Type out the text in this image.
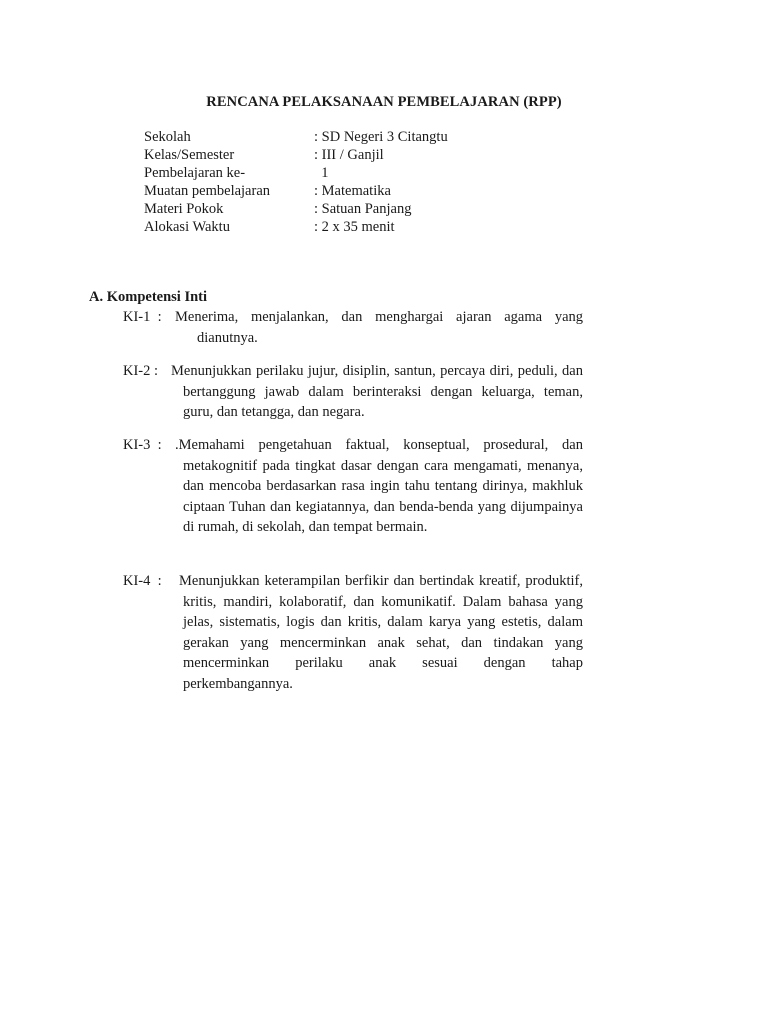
RENCANA PELAKSANAAN PEMBELAJARAN (RPP)
Sekolah	: SD Negeri 3 Citangtu
Kelas/Semester	: III / Ganjil
Pembelajaran ke-	1
Muatan pembelajaran	: Matematika
Materi Pokok	: Satuan Panjang
Alokasi Waktu	: 2 x 35 menit
A. Kompetensi Inti
KI-1  : Menerima, menjalankan, dan menghargai ajaran agama yang dianutnya.
KI-2 : Menunjukkan perilaku jujur, disiplin, santun, percaya diri, peduli, dan bertanggung jawab dalam berinteraksi dengan keluarga, teman, guru, dan tetangga, dan negara.
KI-3  : .Memahami pengetahuan faktual, konseptual, prosedural, dan metakognitif pada tingkat dasar dengan cara mengamati, menanya, dan mencoba berdasarkan rasa ingin tahu tentang dirinya, makhluk ciptaan Tuhan dan kegiatannya, dan benda-benda yang dijumpainya di rumah, di sekolah, dan tempat bermain.
KI-4  :	Menunjukkan keterampilan berfikir dan bertindak kreatif, produktif, kritis, mandiri, kolaboratif, dan komunikatif. Dalam bahasa yang jelas, sistematis, logis dan kritis, dalam karya yang estetis, dalam gerakan yang mencerminkan anak sehat, dan tindakan yang mencerminkan perilaku anak sesuai dengan tahap perkembangannya.
